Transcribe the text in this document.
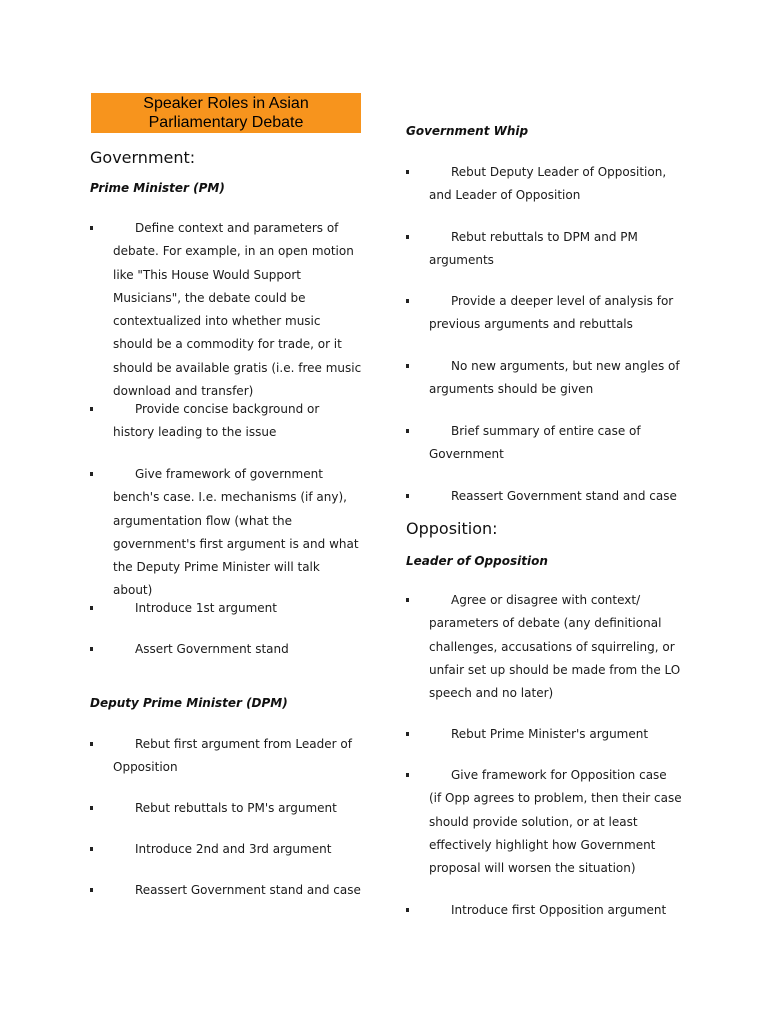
Speaker Roles in Asian
Parliamentary Debate
Government:
Prime Minister (PM)
Define context and parameters of debate. For example, in an open motion like "This House Would Support Musicians", the debate could be contextualized into whether music should be a commodity for trade, or it should be available gratis (i.e. free music download and transfer)
Provide concise background or history leading to the issue
Give framework of government bench's case. I.e. mechanisms (if any), argumentation flow (what the government's first argument is and what the Deputy Prime Minister will talk about)
Introduce 1st argument
Assert Government stand
Deputy Prime Minister (DPM)
Rebut first argument from Leader of Opposition
Rebut rebuttals to PM's argument
Introduce 2nd and 3rd argument
Reassert Government stand and case
Government Whip
Rebut Deputy Leader of Opposition, and Leader of Opposition
Rebut rebuttals to DPM and PM arguments
Provide a deeper level of analysis for previous arguments and rebuttals
No new arguments, but new angles of arguments should be given
Brief summary of entire case of Government
Reassert Government stand and case
Opposition:
Leader of Opposition
Agree or disagree with context/ parameters of debate (any definitional challenges, accusations of squirreling, or unfair set up should be made from the LO speech and no later)
Rebut Prime Minister's argument
Give framework for Opposition case (if Opp agrees to problem, then their case should provide solution, or at least effectively highlight how Government proposal will worsen the situation)
Introduce first Opposition argument
